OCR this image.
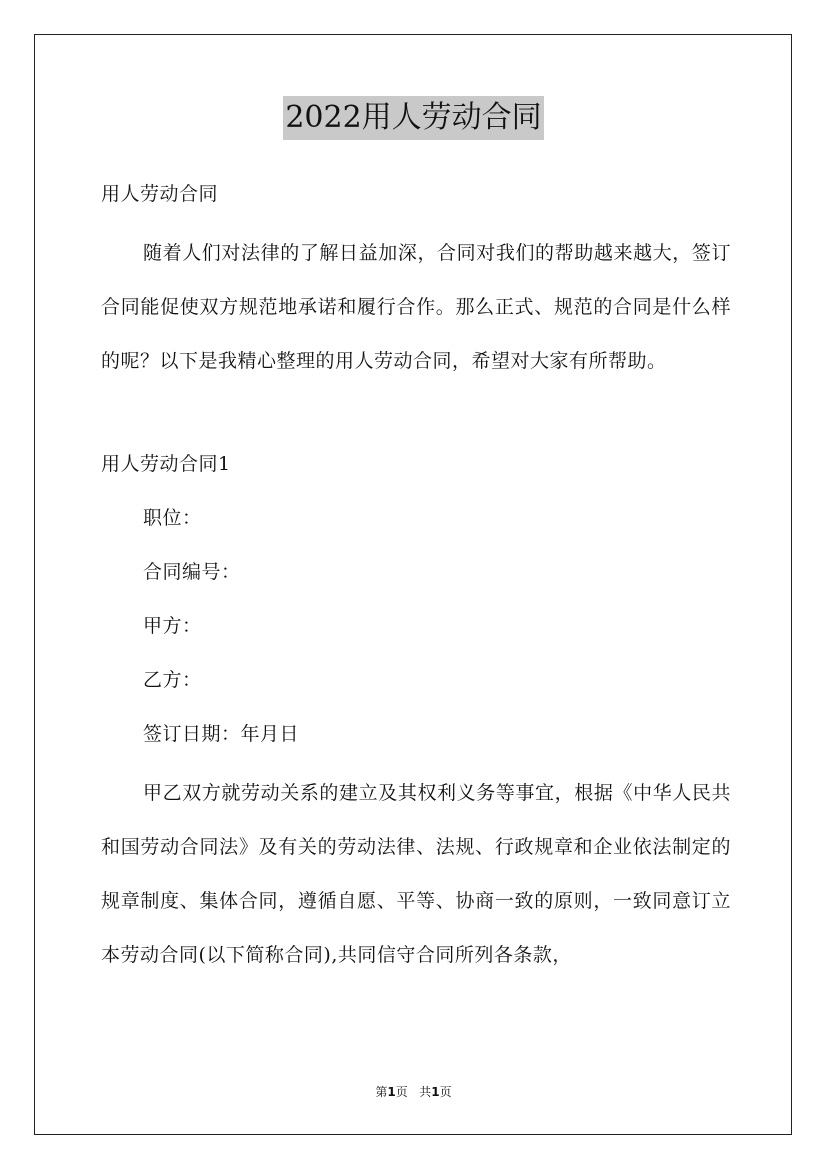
2022用人劳动合同
用人劳动合同
随着人们对法律的了解日益加深，合同对我们的帮助越来越大，签订合同能促使双方规范地承诺和履行合作。那么正式、规范的合同是什么样的呢？以下是我精心整理的用人劳动合同，希望对大家有所帮助。
用人劳动合同1
职位：
合同编号：
甲方：
乙方：
签订日期：年月日
甲乙双方就劳动关系的建立及其权利义务等事宜，根据《中华人民共和国劳动合同法》及有关的劳动法律、法规、行政规章和企业依法制定的规章制度、集体合同，遵循自愿、平等、协商一致的原则，一致同意订立本劳动合同(以下简称合同),共同信守合同所列各条款，
第1页 共1页
